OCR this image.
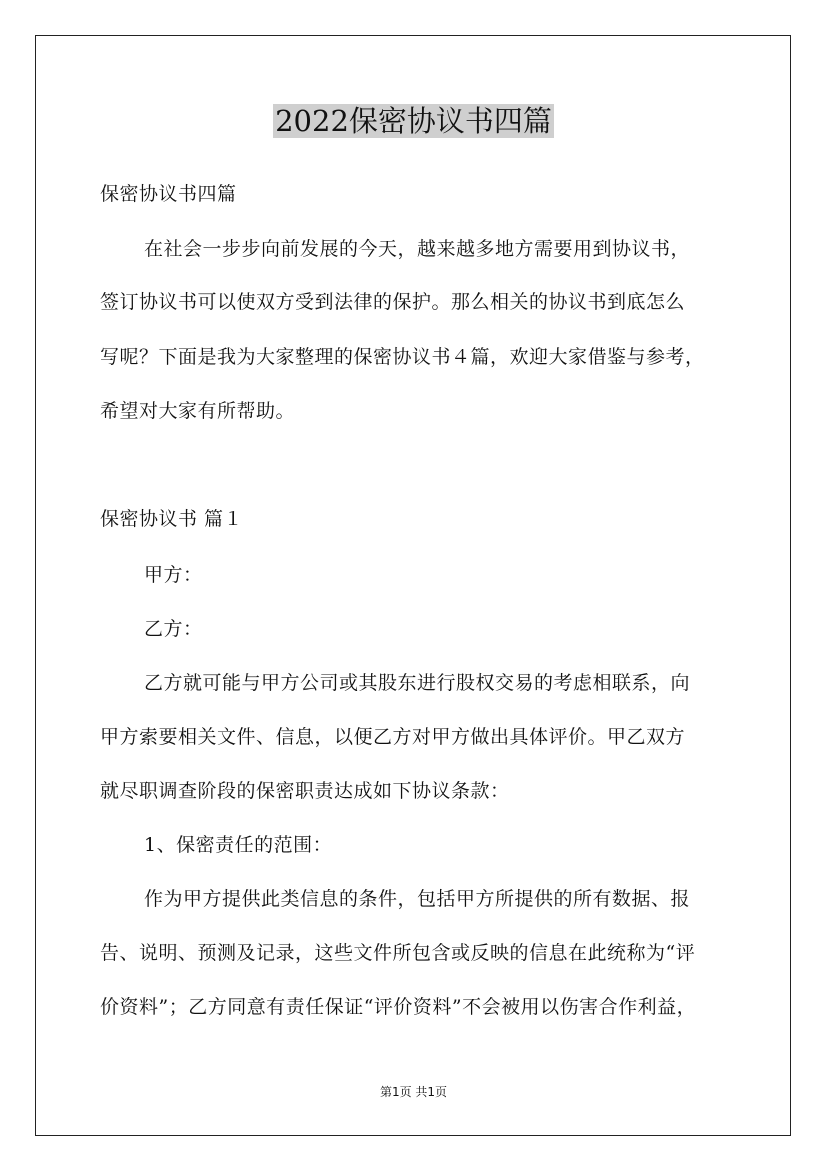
2022保密协议书四篇
保密协议书四篇
在社会一步步向前发展的今天，越来越多地方需要用到协议书，
签订协议书可以使双方受到法律的保护。那么相关的协议书到底怎么
写呢？下面是我为大家整理的保密协议书４篇，欢迎大家借鉴与参考，
希望对大家有所帮助。
保密协议书 篇１
甲方：
乙方：
乙方就可能与甲方公司或其股东进行股权交易的考虑相联系，向
甲方索要相关文件、信息，以便乙方对甲方做出具体评价。甲乙双方
就尽职调查阶段的保密职责达成如下协议条款：
1、保密责任的范围：
作为甲方提供此类信息的条件，包括甲方所提供的所有数据、报
告、说明、预测及记录，这些文件所包含或反映的信息在此统称为“评
价资料”；乙方同意有责任保证“评价资料”不会被用以伤害合作利益，
第1页 共1页
